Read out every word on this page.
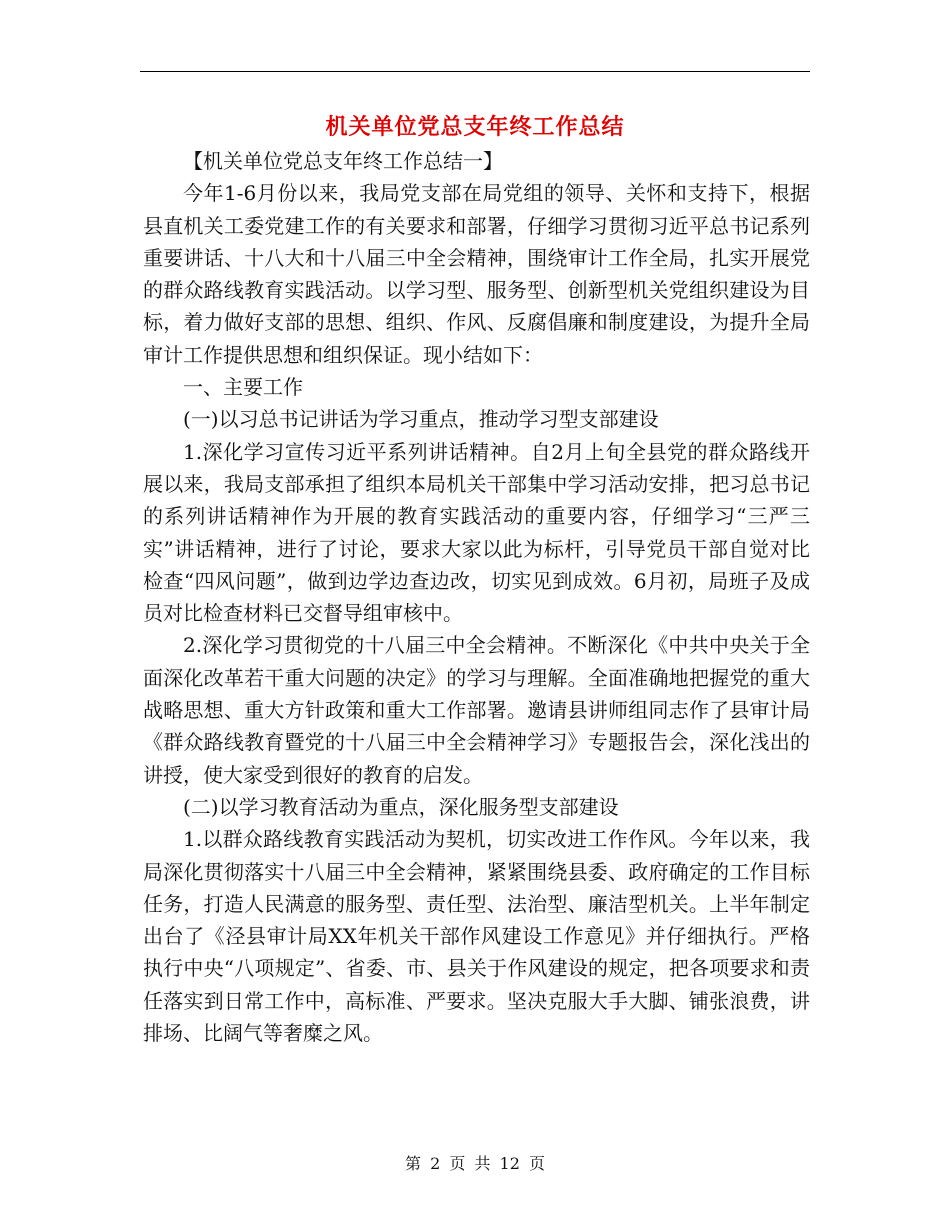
机关单位党总支年终工作总结

【机关单位党总支年终工作总结一】

今年1-6月份以来，我局党支部在局党组的领导、关怀和支持下，根据县直机关工委党建工作的有关要求和部署，仔细学习贯彻习近平总书记系列重要讲话、十八大和十八届三中全会精神，围绕审计工作全局，扎实开展党的群众路线教育实践活动。以学习型、服务型、创新型机关党组织建设为目标，着力做好支部的思想、组织、作风、反腐倡廉和制度建设，为提升全局审计工作提供思想和组织保证。现小结如下：

一、主要工作

(一)以习总书记讲话为学习重点，推动学习型支部建设

1.深化学习宣传习近平系列讲话精神。自2月上旬全县党的群众路线开展以来，我局支部承担了组织本局机关干部集中学习活动安排，把习总书记的系列讲话精神作为开展的教育实践活动的重要内容，仔细学习“三严三实”讲话精神，进行了讨论，要求大家以此为标杆，引导党员干部自觉对比检查“四风问题”，做到边学边查边改，切实见到成效。6月初，局班子及成员对比检查材料已交督导组审核中。

2.深化学习贯彻党的十八届三中全会精神。不断深化《中共中央关于全面深化改革若干重大问题的决定》的学习与理解。全面准确地把握党的重大战略思想、重大方针政策和重大工作部署。邀请县讲师组同志作了县审计局《群众路线教育暨党的十八届三中全会精神学习》专题报告会，深化浅出的讲授，使大家受到很好的教育的启发。

(二)以学习教育活动为重点，深化服务型支部建设

1.以群众路线教育实践活动为契机，切实改进工作作风。今年以来，我局深化贯彻落实十八届三中全会精神，紧紧围绕县委、政府确定的工作目标任务，打造人民满意的服务型、责任型、法治型、廉洁型机关。上半年制定出台了《泾县审计局XX年机关干部作风建设工作意见》并仔细执行。严格执行中央“八项规定”、省委、市、县关于作风建设的规定，把各项要求和责任落实到日常工作中，高标准、严要求。坚决克服大手大脚、铺张浪费，讲排场、比阔气等奢糜之风。

第 2 页 共 12 页
